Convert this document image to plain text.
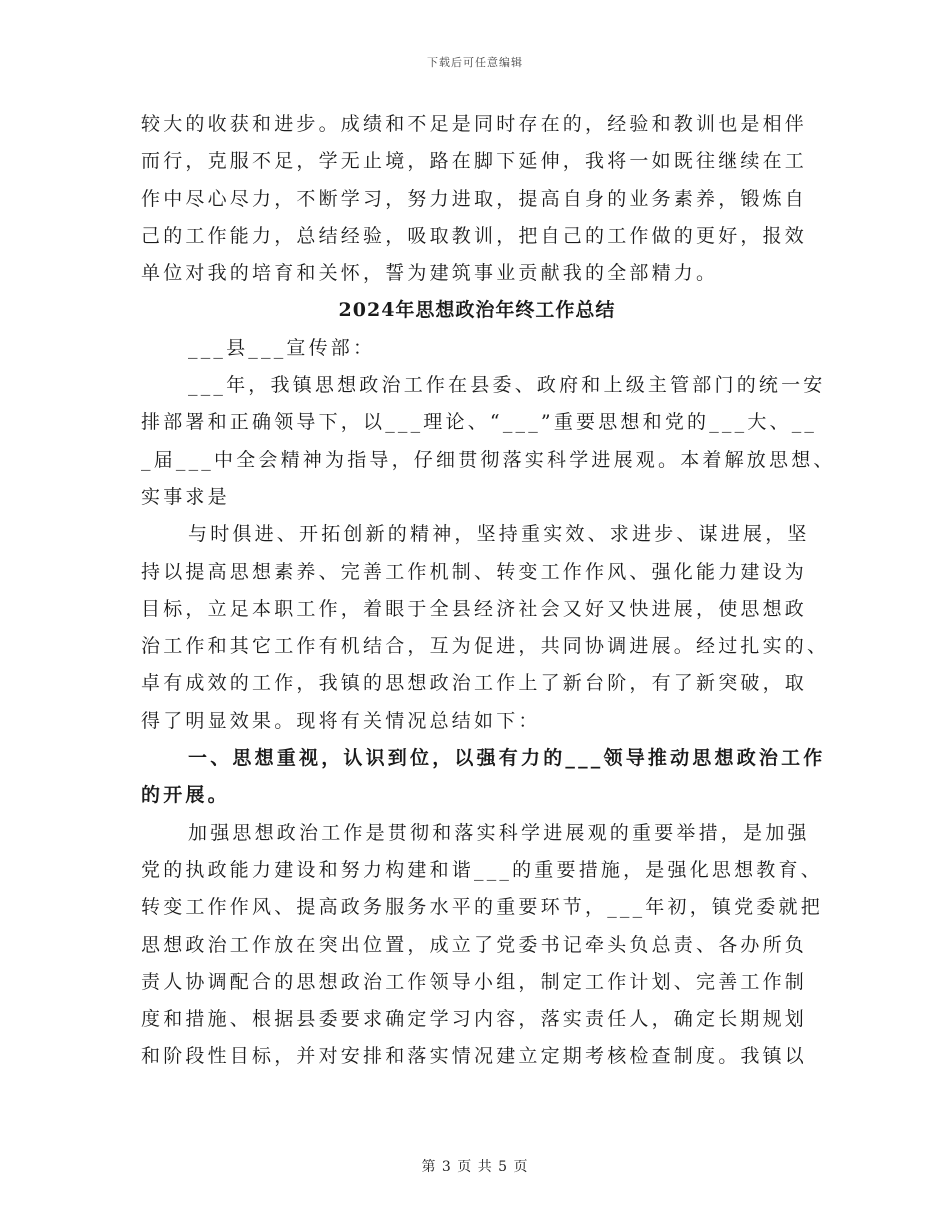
下载后可任意编辑
较大的收获和进步。成绩和不足是同时存在的，经验和教训也是相伴
而行，克服不足，学无止境，路在脚下延伸，我将一如既往继续在工
作中尽心尽力，不断学习，努力进取，提高自身的业务素养，锻炼自
己的工作能力，总结经验，吸取教训，把自己的工作做的更好，报效
单位对我的培育和关怀，誓为建筑事业贡献我的全部精力。
2024年思想政治年终工作总结
___县___宣传部：
___年，我镇思想政治工作在县委、政府和上级主管部门的统一安
排部署和正确领导下，以___理论、“___”重要思想和党的___大、__
_届___中全会精神为指导，仔细贯彻落实科学进展观。本着解放思想、
实事求是
与时俱进、开拓创新的精神，坚持重实效、求进步、谋进展，坚
持以提高思想素养、完善工作机制、转变工作作风、强化能力建设为
目标，立足本职工作，着眼于全县经济社会又好又快进展，使思想政
治工作和其它工作有机结合，互为促进，共同协调进展。经过扎实的、
卓有成效的工作，我镇的思想政治工作上了新台阶，有了新突破，取
得了明显效果。现将有关情况总结如下：
一、思想重视，认识到位，以强有力的___领导推动思想政治工作
的开展。
加强思想政治工作是贯彻和落实科学进展观的重要举措，是加强
党的执政能力建设和努力构建和谐___的重要措施，是强化思想教育、
转变工作作风、提高政务服务水平的重要环节，___年初，镇党委就把
思想政治工作放在突出位置，成立了党委书记牵头负总责、各办所负
责人协调配合的思想政治工作领导小组，制定工作计划、完善工作制
度和措施、根据县委要求确定学习内容，落实责任人，确定长期规划
和阶段性目标，并对安排和落实情况建立定期考核检查制度。我镇以
第 3 页 共 5 页
